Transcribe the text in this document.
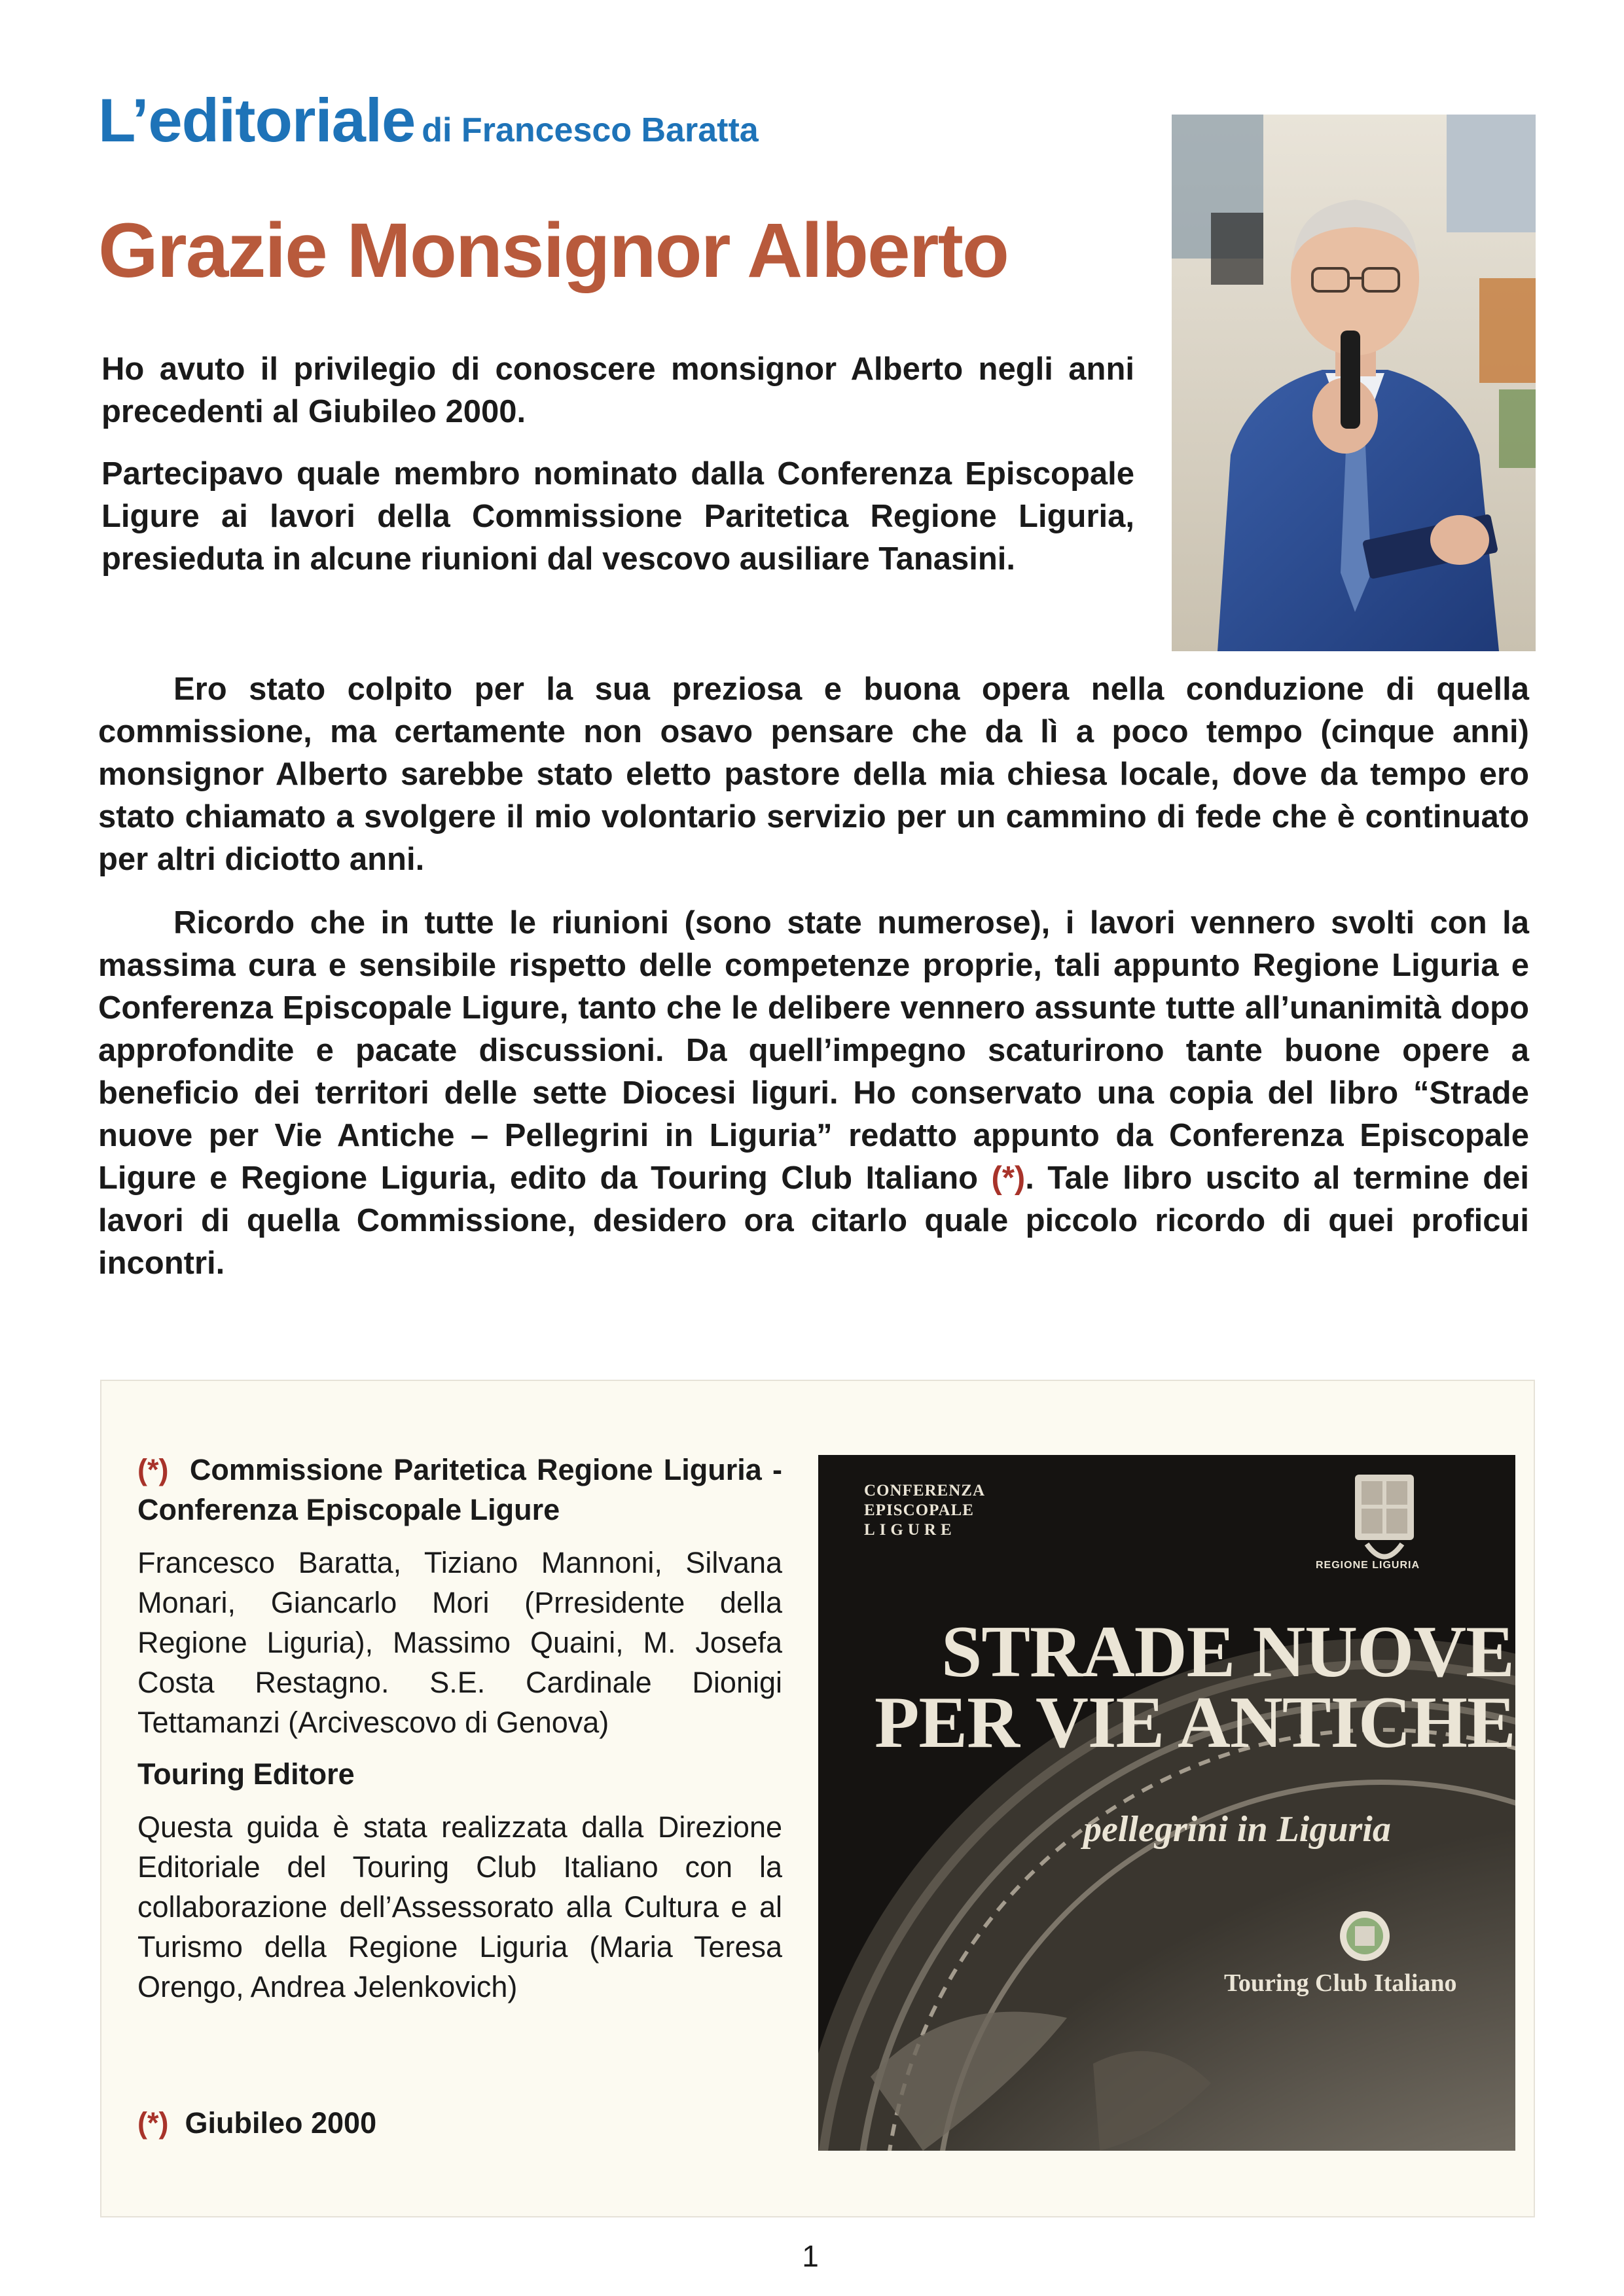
L’editoriale di Francesco Baratta
Grazie Monsignor Alberto

Ho avuto il privilegio di conoscere monsignor Alberto negli anni precedenti al Giubileo 2000.

Partecipavo quale membro nominato dalla Conferenza Episcopale Ligure ai lavori della Commissione Paritetica Regione Liguria, presieduta in alcune riunioni dal vescovo ausiliare Tanasini.

Ero stato colpito per la sua preziosa e buona opera nella conduzione di quella commissione, ma certamente non osavo pensare che da lì a poco tempo (cinque anni) monsignor Alberto sarebbe stato eletto pastore della mia chiesa locale, dove da tempo ero stato chiamato a svolgere il mio volontario servizio per un cammino di fede che è continuato per altri diciotto anni.

Ricordo che in tutte le riunioni (sono state numerose), i lavori vennero svolti con la massima cura e sensibile rispetto delle competenze proprie, tali appunto Regione Liguria e Conferenza Episcopale Ligure, tanto che le delibere vennero assunte tutte all’unanimità dopo approfondite e pacate discussioni. Da quell’impegno scaturirono tante buone opere a beneficio dei territori delle sette Diocesi liguri. Ho conservato una copia del libro “Strade nuove per Vie Antiche – Pellegrini in Liguria” redatto appunto da Conferenza Episcopale Ligure e Regione Liguria, edito da Touring Club Italiano (*). Tale libro uscito al termine dei lavori di quella Commissione, desidero ora citarlo quale piccolo ricordo di quei proficui incontri.

(*) Commissione Paritetica Regione Liguria - Conferenza Episcopale Ligure

Francesco Baratta, Tiziano Mannoni, Silvana Monari, Giancarlo Mori (Prresidente della Regione Liguria), Massimo Quaini, M. Josefa Costa Restagno. S.E. Cardinale Dionigi Tettamanzi (Arcivescovo di Genova)

Touring Editore

Questa guida è stata realizzata dalla Direzione Editoriale del Touring Club Italiano con la collaborazione dell’Assessorato alla Cultura e al Turismo della Regione Liguria (Maria Teresa Orengo, Andrea Jelenkovich)

(*) Giubileo 2000
CONFERENZA
EPISCOPALE
LIGURE
REGIONE LIGURIA
STRADE NUOVE
PER VIE ANTICHE
pellegrini in Liguria
Touring Club Italiano
1
